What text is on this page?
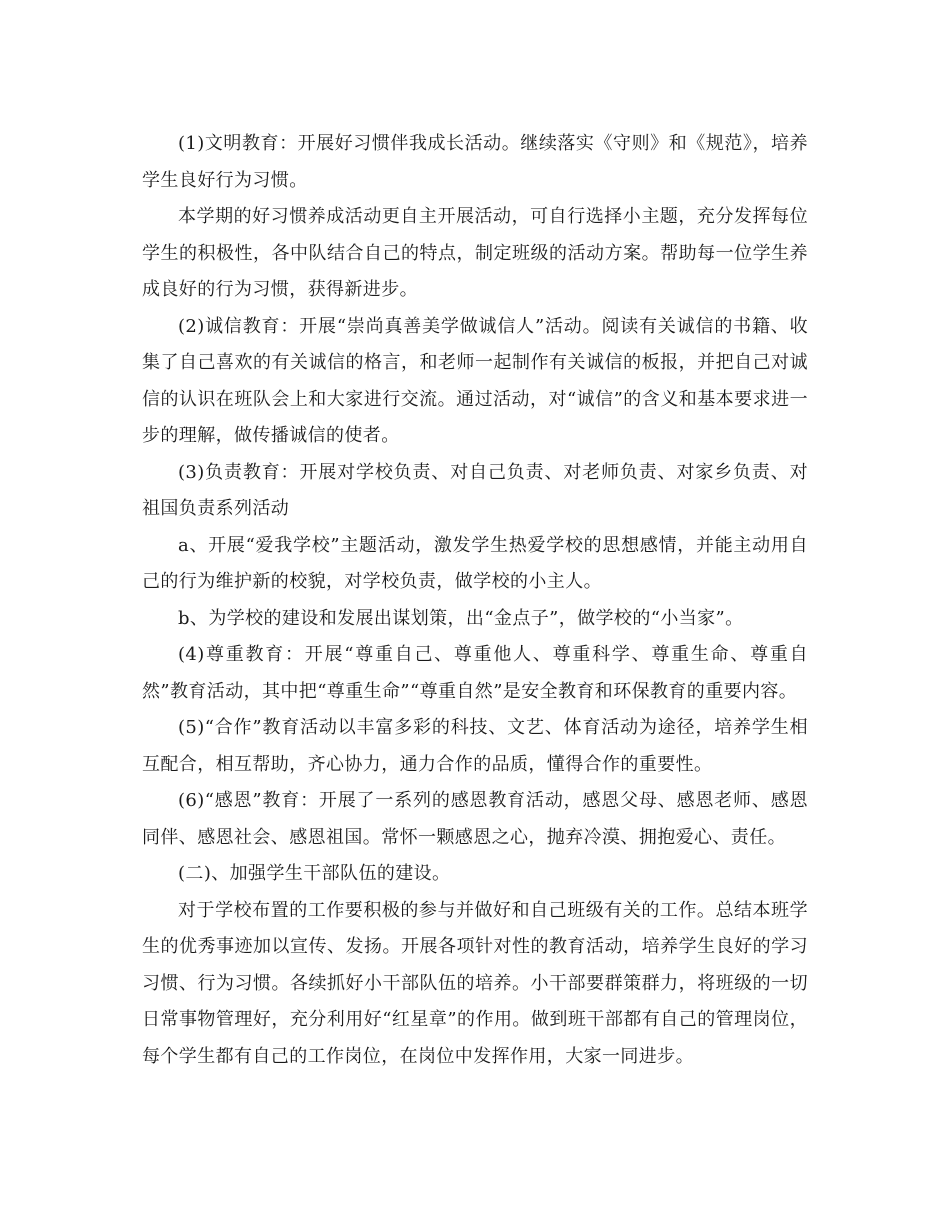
(1)文明教育：开展好习惯伴我成长活动。继续落实《守则》和《规范》，培养学生良好行为习惯。

本学期的好习惯养成活动更自主开展活动，可自行选择小主题，充分发挥每位学生的积极性，各中队结合自己的特点，制定班级的活动方案。帮助每一位学生养成良好的行为习惯，获得新进步。

(2)诚信教育：开展“崇尚真善美学做诚信人”活动。阅读有关诚信的书籍、收集了自己喜欢的有关诚信的格言，和老师一起制作有关诚信的板报，并把自己对诚信的认识在班队会上和大家进行交流。通过活动，对“诚信”的含义和基本要求进一步的理解，做传播诚信的使者。

(3)负责教育：开展对学校负责、对自己负责、对老师负责、对家乡负责、对祖国负责系列活动

a、开展“爱我学校”主题活动，激发学生热爱学校的思想感情，并能主动用自己的行为维护新的校貌，对学校负责，做学校的小主人。

b、为学校的建设和发展出谋划策，出“金点子”，做学校的“小当家”。

(4)尊重教育：开展“尊重自己、尊重他人、尊重科学、尊重生命、尊重自然”教育活动，其中把“尊重生命”“尊重自然”是安全教育和环保教育的重要内容。

(5)“合作”教育活动以丰富多彩的科技、文艺、体育活动为途径，培养学生相互配合，相互帮助，齐心协力，通力合作的品质，懂得合作的重要性。

(6)“感恩”教育：开展了一系列的感恩教育活动，感恩父母、感恩老师、感恩同伴、感恩社会、感恩祖国。常怀一颗感恩之心，抛弃冷漠、拥抱爱心、责任。

(二)、加强学生干部队伍的建设。

对于学校布置的工作要积极的参与并做好和自己班级有关的工作。总结本班学生的优秀事迹加以宣传、发扬。开展各项针对性的教育活动，培养学生良好的学习习惯、行为习惯。各续抓好小干部队伍的培养。小干部要群策群力，将班级的一切日常事物管理好，充分利用好“红星章”的作用。做到班干部都有自己的管理岗位，每个学生都有自己的工作岗位，在岗位中发挥作用，大家一同进步。
